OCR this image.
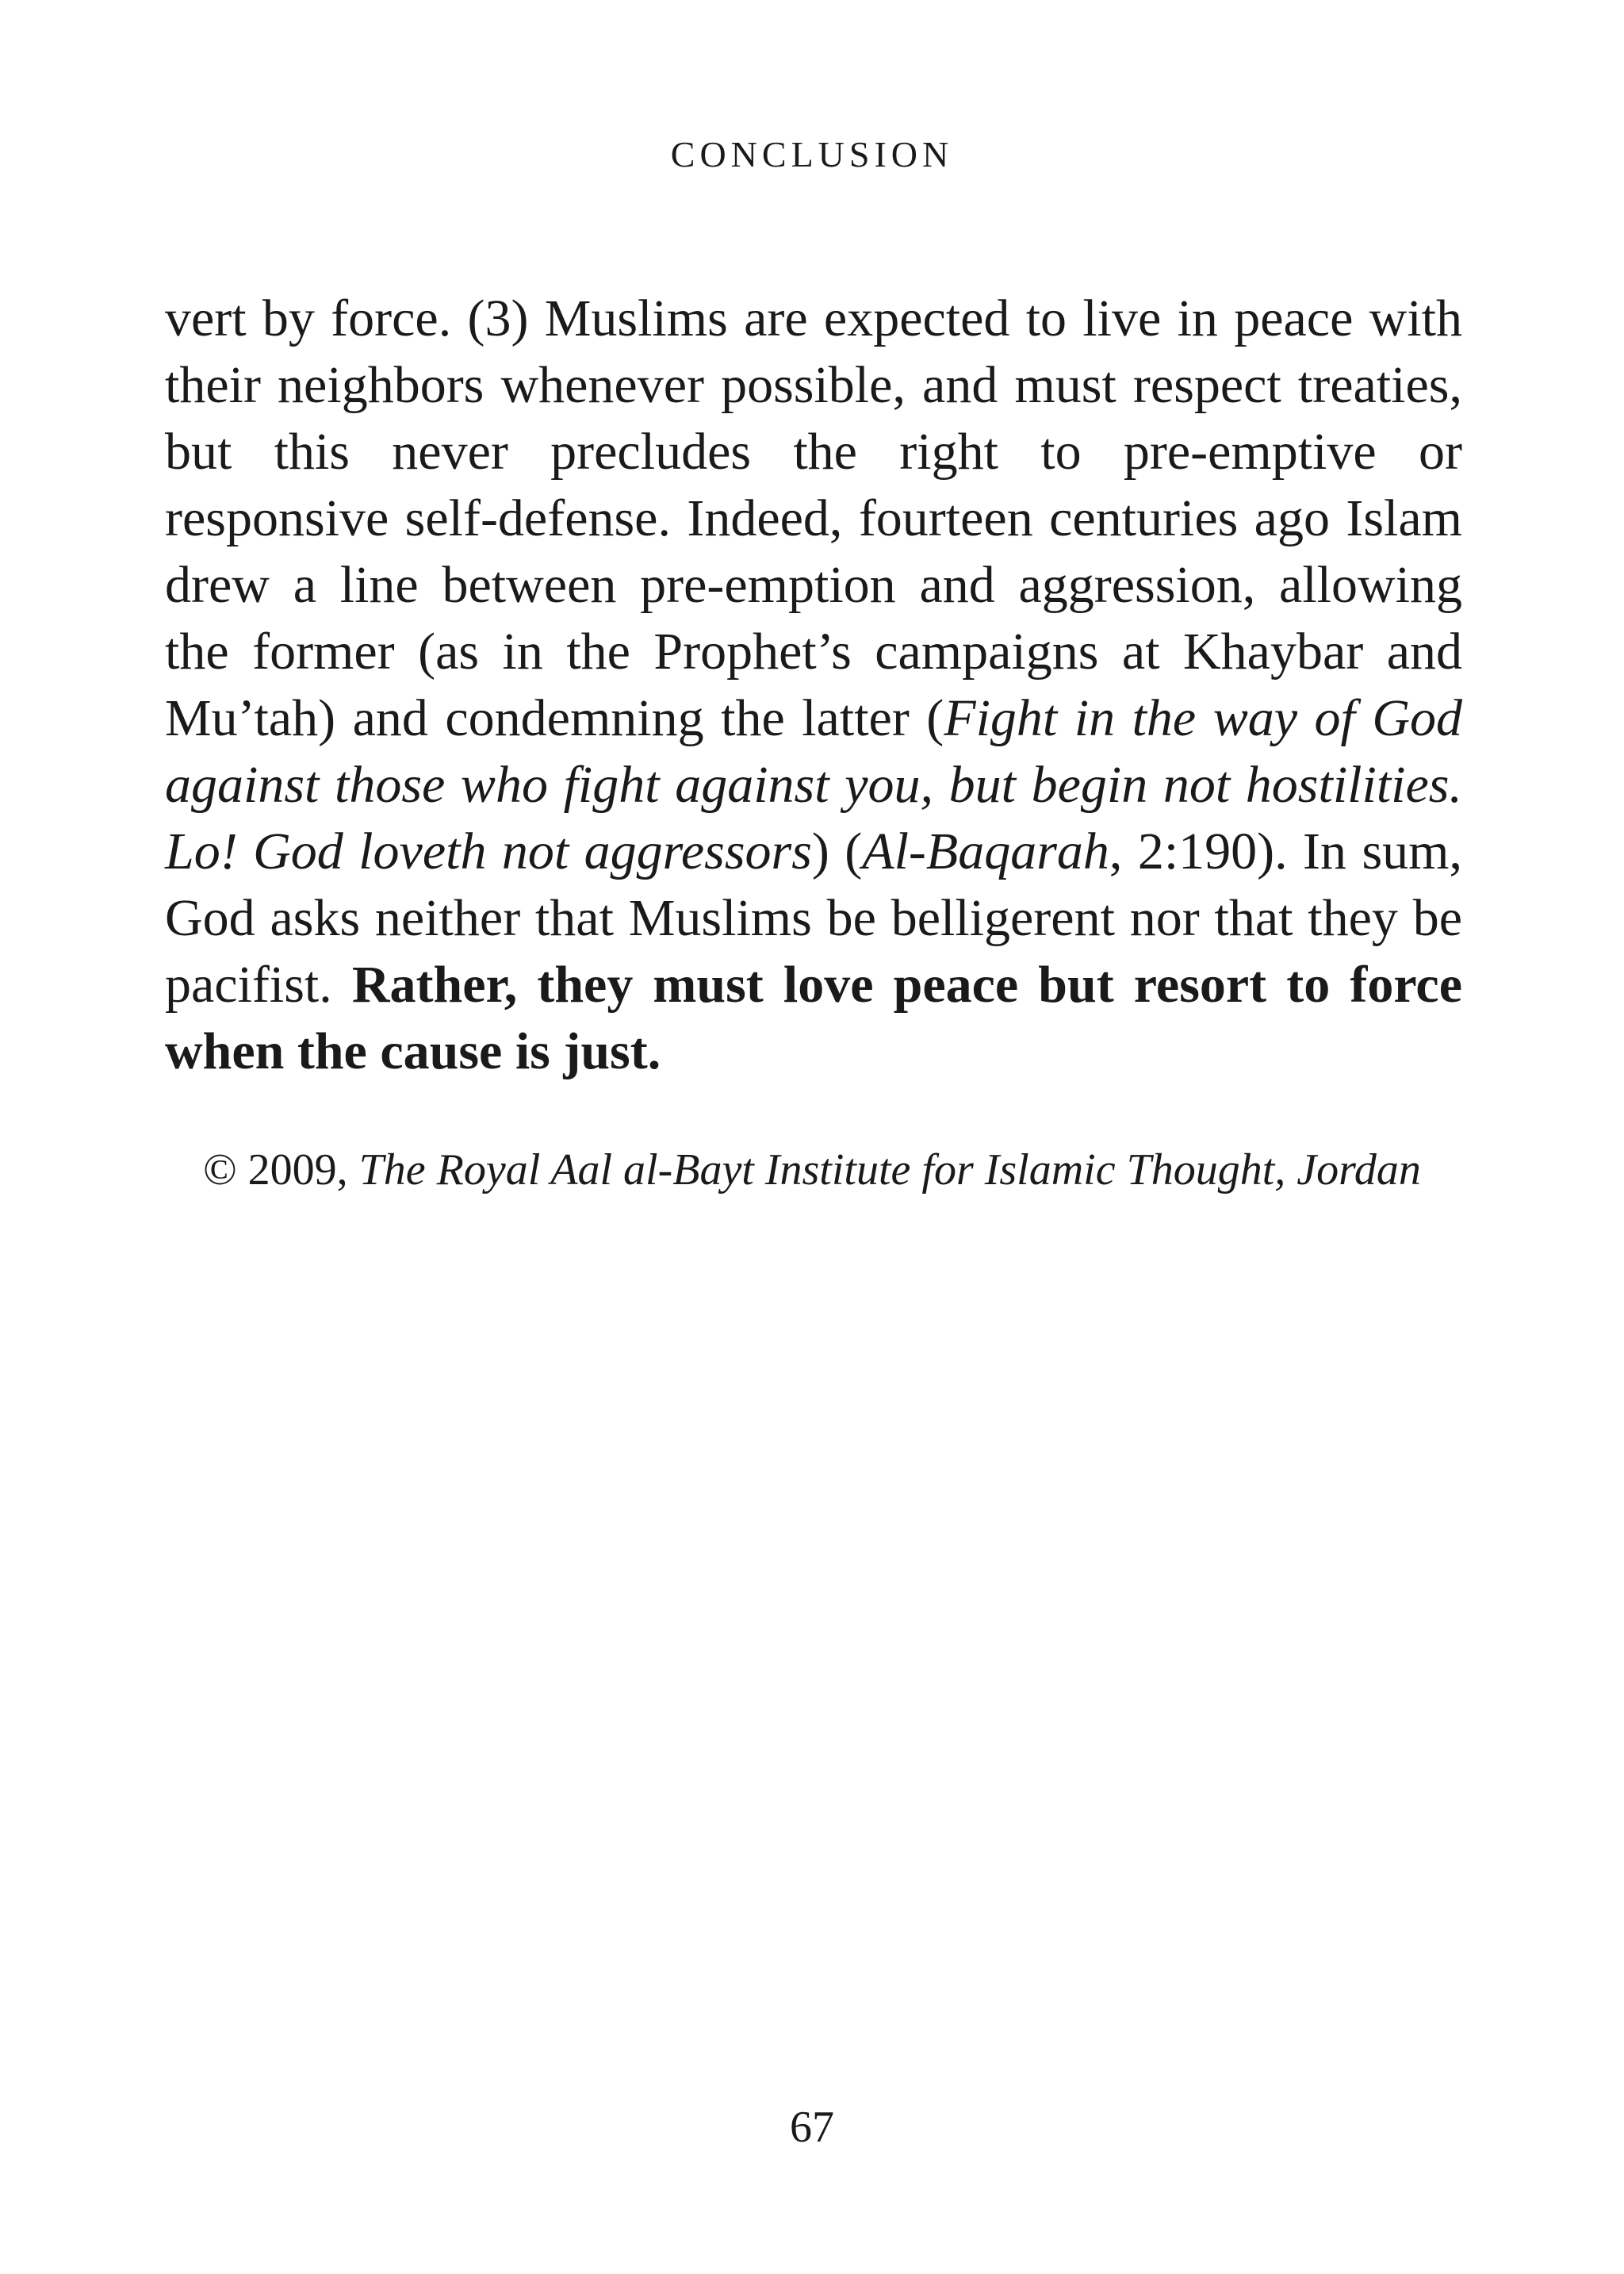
CONCLUSION

vert by force. (3) Muslims are expected to live in peace with their neighbors whenever possible, and must respect treaties, but this never precludes the right to pre-emptive or responsive self-defense. Indeed, fourteen centuries ago Islam drew a line between pre-emption and aggression, allowing the former (as in the Prophet’s campaigns at Khaybar and Mu’tah) and condemning the latter (Fight in the way of God against those who fight against you, but begin not hostilities. Lo! God loveth not aggressors) (Al-Baqarah, 2:190). In sum, God asks neither that Muslims be belligerent nor that they be pacifist. Rather, they must love peace but resort to force when the cause is just.

© 2009, The Royal Aal al-Bayt Institute for Islamic Thought, Jordan
67
